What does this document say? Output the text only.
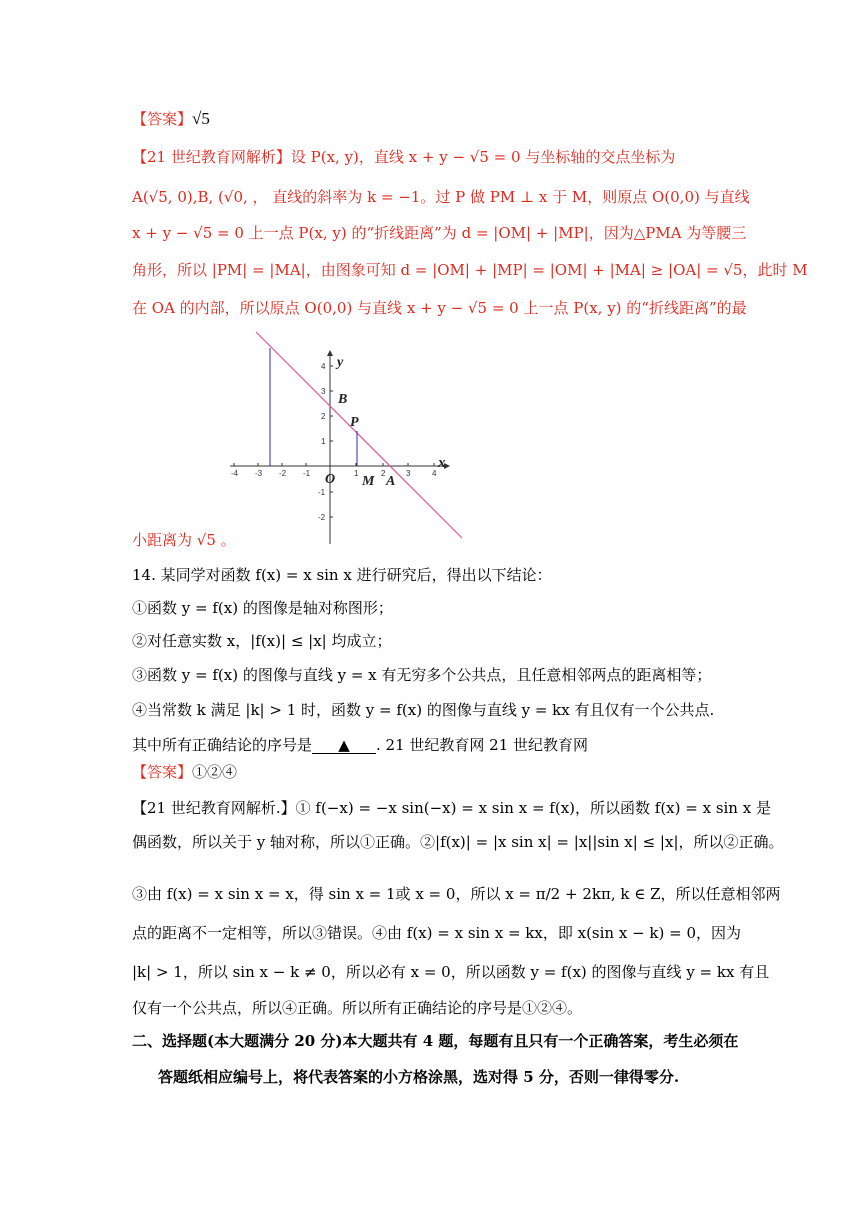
【答案】√5
【21 世纪教育网解析】设 P(x, y)，直线 x + y − √5 = 0 与坐标轴的交点坐标为
A(√5, 0),B, (√0, ， 直线的斜率为 k = −1。过 P 做 PM ⊥ x 于 M，则原点 O(0,0) 与直线
x + y − √5 = 0 上一点 P(x, y) 的“折线距离”为 d = |OM| + |MP|，因为△PMA 为等腰三
角形，所以 |PM| = |MA|，由图象可知 d = |OM| + |MP| = |OM| + |MA| ≥ |OA| = √5，此时 M
在 OA 的内部，所以原点 O(0,0) 与直线 x + y − √5 = 0 上一点 P(x, y) 的“折线距离”的最
-4 -3 -2 -1	1	2	3	4
4
3
2
1
-1
-2
y
x
O
B
P
M A
小距离为 √5 。
14. 某同学对函数 f(x) = x sin x 进行研究后，得出以下结论：
①函数 y = f(x) 的图像是轴对称图形；
②对任意实数 x，|f(x)| ≤ |x| 均成立；
③函数 y = f(x) 的图像与直线 y = x 有无穷多个公共点，且任意相邻两点的距离相等；
④当常数 k 满足 |k| > 1 时，函数 y = f(x) 的图像与直线 y = kx 有且仅有一个公共点.
其中所有正确结论的序号是 ▲ . 21 世纪教育网 21 世纪教育网
【答案】①②④
【21 世纪教育网解析.】① f(−x) = −x sin(−x) = x sin x = f(x)，所以函数 f(x) = x sin x 是
偶函数，所以关于 y 轴对称，所以①正确。②|f(x)| = |x sin x| = |x||sin x| ≤ |x|，所以②正确。
③由 f(x) = x sin x = x，得 sin x = 1或 x = 0，所以 x = π/2 + 2kπ, k ∈ Z，所以任意相邻两
点的距离不一定相等，所以③错误。④由 f(x) = x sin x = kx，即 x(sin x − k) = 0，因为
|k| > 1，所以 sin x − k ≠ 0，所以必有 x = 0，所以函数 y = f(x) 的图像与直线 y = kx 有且
仅有一个公共点，所以④正确。所以所有正确结论的序号是①②④。
二、选择题(本大题满分 20 分)本大题共有 4 题，每题有且只有一个正确答案，考生必须在
答题纸相应编号上，将代表答案的小方格涂黑，选对得 5 分，否则一律得零分.
